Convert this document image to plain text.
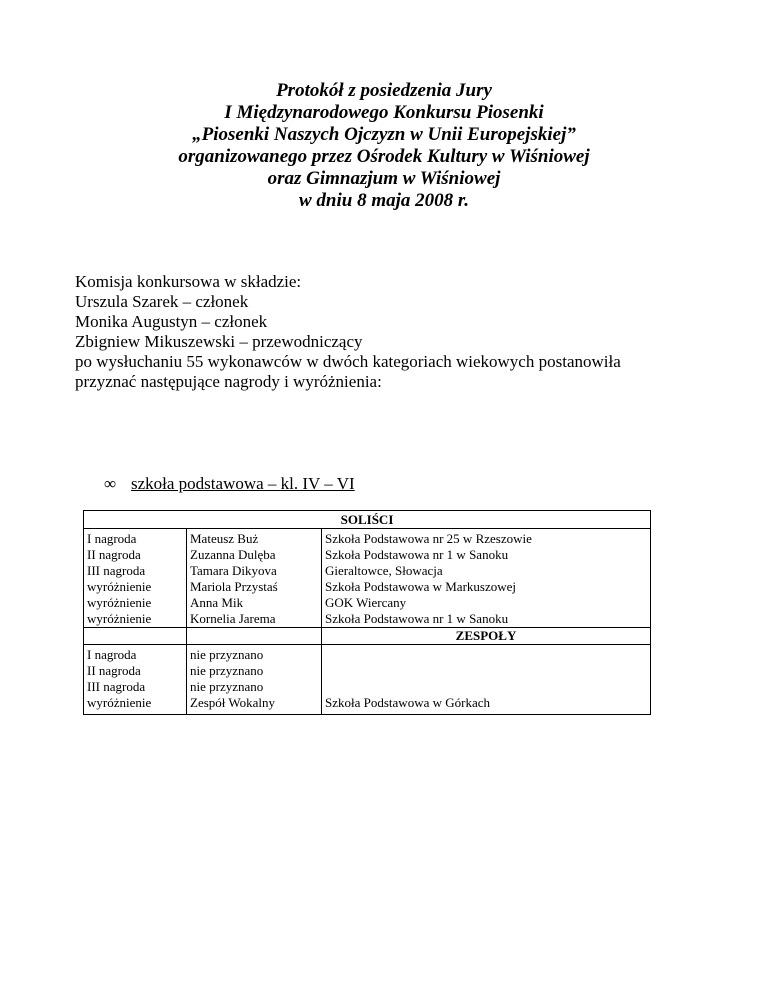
Protokół z posiedzenia Jury
I Międzynarodowego Konkursu Piosenki
„Piosenki Naszych Ojczyzn w Unii Europejskiej”
organizowanego przez Ośrodek Kultury w Wiśniowej
oraz Gimnazjum w Wiśniowej
w dniu 8 maja 2008 r.
Komisja konkursowa w składzie:
Urszula Szarek – członek
Monika Augustyn – członek
Zbigniew Mikuszewski – przewodniczący
po wysłuchaniu 55 wykonawców w dwóch kategoriach wiekowych postanowiła
przyznać następujące nagrody i wyróżnienia:
∞ szkoła podstawowa – kl. IV – VI
SOLIŚCI		
I nagroda	Mateusz Buż	Szkoła Podstawowa nr 25 w Rzeszowie
II nagroda	Zuzanna Dulęba	Szkoła Podstawowa nr 1 w Sanoku
III nagroda	Tamara Dikyova	Gieraltowce, Słowacja
wyróżnienie	Mariola Przystaś	Szkoła Podstawowa w Markuszowej
wyróżnienie	Anna Mik	GOK Wiercany
wyróżnienie	Kornelia Jarema	Szkoła Podstawowa nr 1 w Sanoku
		ZESPOŁY
I nagroda	nie przyznano	
II nagroda	nie przyznano	
III nagroda	nie przyznano	
wyróżnienie	Zespół Wokalny	Szkoła Podstawowa w Górkach
